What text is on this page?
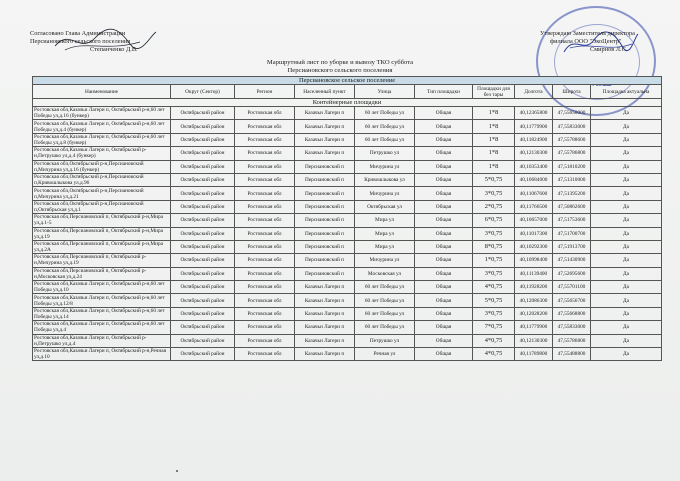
Согласовано Глава Администрации
Персиановского сельского поселения
Степанченко Д.В.
Утверждаю Заместитель директора
филиала ООО "ЭкоЦентр"
Смирнов Л.С.
Маршрутный лист по уборке и вывозу ТКО суббота
Персиановского сельского поселения
Персиановское сельское поселение									
Наименование	Округ (Сектор)	Регион	Населенный пункт	Улица	Тип площадки	Площадки для без тары	Долгота	Широта	Площадка актуальна
Контейнерные площадки									
Ростовская обл,Казачьи Лагери п, Октябрьский р-н,60 лет Победы ул,д.16 (бункер)	Октябрьский район	Ростовская обл	Казачьи Лагери п	60 лет Победы ул	Общая	1*8	40,12365800	47,55650000	Да
Ростовская обл,Казачьи Лагери п, Октябрьский р-н,60 лет Победы ул,д.4 (бункер)	Октябрьский район	Ростовская обл	Казачьи Лагери п	60 лет Победы ул	Общая	1*8	40,11779900	47,55833000	Да
Ростовская обл,Казачьи Лагери п, Октябрьский р-н,60 лет Победы ул,д.8 (бункер)	Октябрьский район	Ростовская обл	Казачьи Лагери п	60 лет Победы ул	Общая	1*8	40,11824900	47,55788600	Да
Ростовская обл,Казачьи Лагери п, Октябрьский р-н,Петрушко ул,д.4 (бункер)	Октябрьский район	Ростовская обл	Казачьи Лагери п	Петрушко ул	Общая	1*8	40,12130300	47,55786800	Да
Ростовская обл,Октябрьский р-н,Персиановский п,Мичурина ул,д.16 (бункер)	Октябрьский район	Ростовская обл	Персиановский п	Мичурина ул	Общая	1*8	40,10353400	47,51810200	Да
Ростовская обл,Октябрьский р-н,Персиановский п,Кривошлыкова ул,д.96	Октябрьский район	Ростовская обл	Персиановский п	Кривошлыкова ул	Общая	5*0,75	40,10684000	47,51310000	Да
Ростовская обл,Октябрьский р-н,Персиановский п,Мичурина ул,д.21	Октябрьский район	Ростовская обл	Персиановский п	Мичурина ул	Общая	3*0,75	40,11067600	47,51395200	Да
Ростовская обл,Октябрьский р-н,Персиановский п,Октябрьская ул,д.1	Октябрьский район	Ростовская обл	Персиановский п	Октябрьская ул	Общая	2*0,75	40,11766500	47,50862600	Да
Ростовская обл,Персиановский п, Октябрьский р-н,Мира ул,д.1-5	Октябрьский район	Ростовская обл	Персиановский п	Мира ул	Общая	6*0,75	40,10657000	47,51753600	Да
Ростовская обл,Персиановский п, Октябрьский р-н,Мира ул,д.19	Октябрьский район	Ростовская обл	Персиановский п	Мира ул	Общая	3*0,75	40,11017300	47,51700700	Да
Ростовская обл,Персиановский п, Октябрьский р-н,Мира ул,д.2А	Октябрьский район	Ростовская обл	Персиановский п	Мира ул	Общая	8*0,75	40,10292300	47,51913700	Да
Ростовская обл,Персиановский п, Октябрьский р-н,Мичурина ул,д.19	Октябрьский район	Ростовская обл	Персиановский п	Мичурина ул	Общая	1*0,75	40,10998400	47,51430900	Да
Ростовская обл,Персиановский п, Октябрьский р-н,Московская ул,д.24	Октябрьский район	Ростовская обл	Персиановский п	Московская ул	Общая	3*0,75	40,11139400	47,52695600	Да
Ростовская обл,Казачьи Лагери п, Октябрьский р-н,60 лет Победы ул,д.10	Октябрьский район	Ростовская обл	Казачьи Лагери п	60 лет Победы ул	Общая	4*0,75	40,11928200	47,55701100	Да
Ростовская обл,Казачьи Лагери п, Октябрьский р-н,60 лет Победы ул,д.12/8	Октябрьский район	Ростовская обл	Казачьи Лагери п	60 лет Победы ул	Общая	5*0,75	40,12086300	47,55656700	Да
Ростовская обл,Казачьи Лагери п, Октябрьский р-н,60 лет Победы ул,д.14	Октябрьский район	Ростовская обл	Казачьи Лагери п	60 лет Победы ул	Общая	3*0,75	40,12028200	47,55668800	Да
Ростовская обл,Казачьи Лагери п, Октябрьский р-н,60 лет Победы ул,д.4	Октябрьский район	Ростовская обл	Казачьи Лагери п	60 лет Победы ул	Общая	7*0,75	40,11779900	47,55833000	Да
Ростовская обл,Казачьи Лагери п, Октябрьский р-н,Петрушко ул,д.4	Октябрьский район	Ростовская обл	Казачьи Лагери п	Петрушко ул	Общая	4*0,75	40,12130300	47,55786800	Да
Ростовская обл,Казачьи Лагери п, Октябрьский р-н,Речная ул,д.10	Октябрьский район	Ростовская обл	Казачьи Лагери п	Речная ул	Общая	4*0,75	40,11789800	47,55488800	Да
